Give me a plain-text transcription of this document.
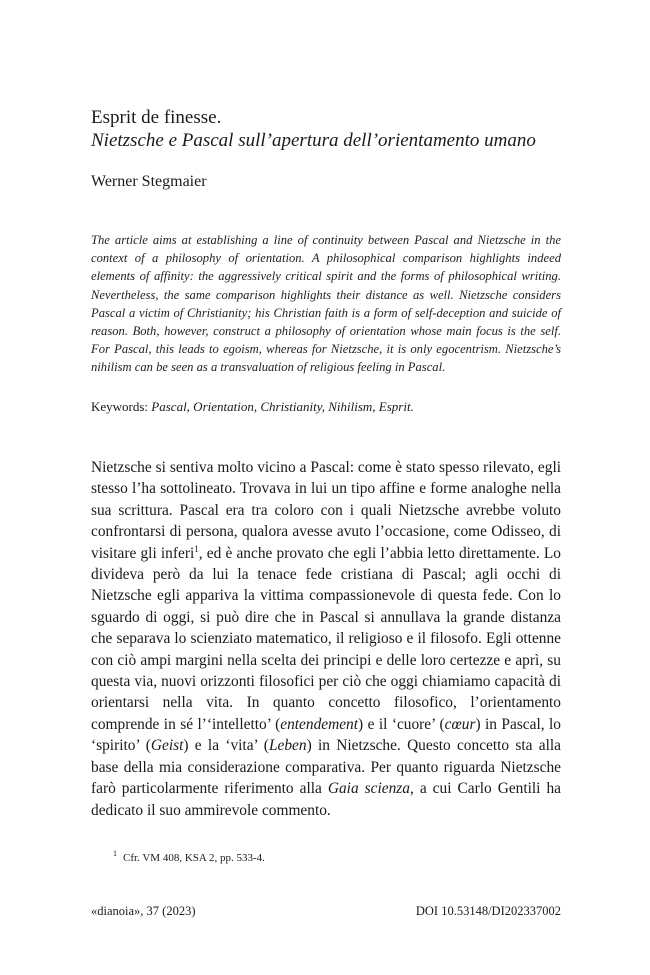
Esprit de finesse.
Nietzsche e Pascal sull’apertura dell’orientamento umano
Werner Stegmaier
The article aims at establishing a line of continuity between Pascal and Nietzsche in the context of a philosophy of orientation. A philosophical comparison highlights indeed elements of affinity: the aggressively critical spirit and the forms of philosophical writing. Nevertheless, the same comparison highlights their distance as well. Nietzsche considers Pascal a victim of Christianity; his Christian faith is a form of self-deception and suicide of reason. Both, however, construct a philosophy of orientation whose main focus is the self. For Pascal, this leads to egoism, whereas for Nietzsche, it is only egocentrism. Nietzsche’s nihilism can be seen as a transvaluation of religious feeling in Pascal.
Keywords: Pascal, Orientation, Christianity, Nihilism, Esprit.
Nietzsche si sentiva molto vicino a Pascal: come è stato spesso rilevato, egli stesso l’ha sottolineato. Trovava in lui un tipo affine e forme analoghe nella sua scrittura. Pascal era tra coloro con i quali Nietzsche avrebbe voluto confrontarsi di persona, qualora avesse avuto l’occasione, come Odisseo, di visitare gli inferi$^1$, ed è anche provato che egli l’abbia letto direttamente. Lo divideva però da lui la tenace fede cristiana di Pascal; agli occhi di Nietzsche egli appariva la vittima compassionevole di questa fede. Con lo sguardo di oggi, si può dire che in Pascal si annullava la grande distanza che separava lo scienziato matematico, il religioso e il filosofo. Egli ottenne con ciò ampi margini nella scelta dei principi e delle loro certezze e aprì, su questa via, nuovi orizzonti filosofici per ciò che oggi chiamiamo capacità di orientarsi nella vita. In quanto concetto filosofico, l’orientamento comprende in sé l’‘intelletto’ (entendement) e il ‘cuore’ (cœur) in Pascal, lo ‘spirito’ (Geist) e la ‘vita’ (Leben) in Nietzsche. Questo concetto sta alla base della mia considerazione comparativa. Per quanto riguarda Nietzsche farò particolarmente riferimento alla Gaia scienza, a cui Carlo Gentili ha dedicato il suo ammirevole commento.
$^1$ Cfr. VM 408, KSA 2, pp. 533-4.
«dianoia», 37 (2023)	DOI 10.53148/DI202337002
